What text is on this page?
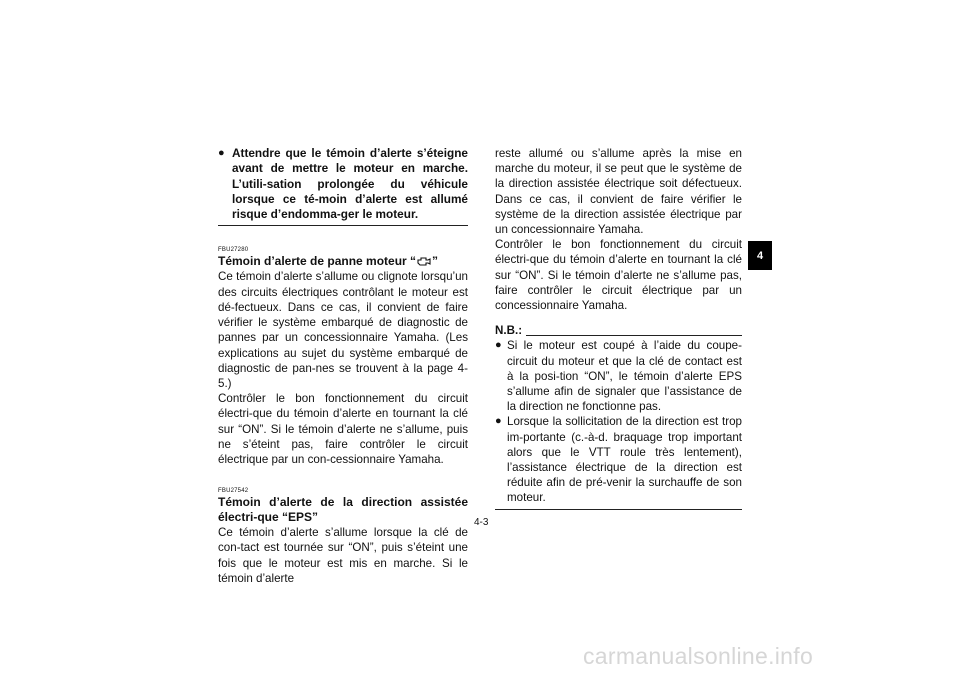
● Attendre que le témoin d’alerte s’éteigne avant de mettre le moteur en marche. L’utili-sation prolongée du véhicule lorsque ce té-moin d’alerte est allumé risque d’endomma-ger le moteur.
FBU27280
Témoin d’alerte de panne moteur “ ”

Ce témoin d’alerte s’allume ou clignote lorsqu’un des circuits électriques contrôlant le moteur est dé-fectueux. Dans ce cas, il convient de faire vérifier le système embarqué de diagnostic de pannes par un concessionnaire Yamaha. (Les explications au sujet du système embarqué de diagnostic de pan-nes se trouvent à la page 4-5.)

Contrôler le bon fonctionnement du circuit électri-que du témoin d’alerte en tournant la clé sur “ON”. Si le témoin d’alerte ne s’allume, puis ne s’éteint pas, faire contrôler le circuit électrique par un con-cessionnaire Yamaha.

FBU27542
Témoin d’alerte de la direction assistée électri-que “EPS”

Ce témoin d’alerte s’allume lorsque la clé de con-tact est tournée sur “ON”, puis s’éteint une fois que le moteur est mis en marche. Si le témoin d’alerte

reste allumé ou s’allume après la mise en marche du moteur, il se peut que le système de la direction assistée électrique soit défectueux. Dans ce cas, il convient de faire vérifier le système de la direction assistée électrique par un concessionnaire Yamaha.

Contrôler le bon fonctionnement du circuit électri-que du témoin d’alerte en tournant la clé sur “ON”. Si le témoin d’alerte ne s’allume pas, faire contrôler le circuit électrique par un concessionnaire Yamaha.

N.B.:
● Si le moteur est coupé à l’aide du coupe-circuit du moteur et que la clé de contact est à la posi-tion “ON”, le témoin d’alerte EPS s’allume afin de signaler que l’assistance de la direction ne fonctionne pas.
● Lorsque la sollicitation de la direction est trop im-portante (c.-à-d. braquage trop important alors que le VTT roule très lentement), l’assistance électrique de la direction est réduite afin de pré-venir la surchauffe de son moteur.
4-3
4
carmanualsonline.info
